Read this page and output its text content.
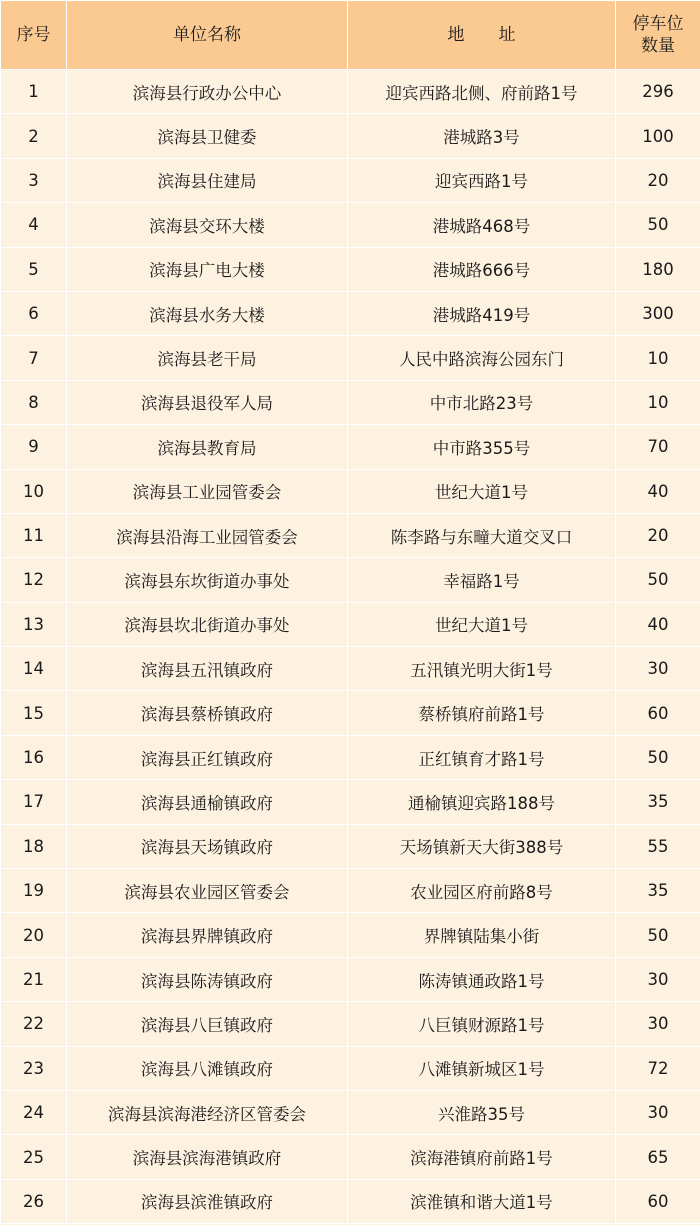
序号	单位名称	地　　址	停车位数量
1	滨海县行政办公中心	迎宾西路北侧、府前路1号	296
2	滨海县卫健委	港城路3号	100
3	滨海县住建局	迎宾西路1号	20
4	滨海县交环大楼	港城路468号	50
5	滨海县广电大楼	港城路666号	180
6	滨海县水务大楼	港城路419号	300
7	滨海县老干局	人民中路滨海公园东门	10
8	滨海县退役军人局	中市北路23号	10
9	滨海县教育局	中市路355号	70
10	滨海县工业园管委会	世纪大道1号	40
11	滨海县沿海工业园管委会	陈李路与东疃大道交叉口	20
12	滨海县东坎街道办事处	幸福路1号	50
13	滨海县坎北街道办事处	世纪大道1号	40
14	滨海县五汛镇政府	五汛镇光明大街1号	30
15	滨海县蔡桥镇政府	蔡桥镇府前路1号	60
16	滨海县正红镇政府	正红镇育才路1号	50
17	滨海县通榆镇政府	通榆镇迎宾路188号	35
18	滨海县天场镇政府	天场镇新天大街388号	55
19	滨海县农业园区管委会	农业园区府前路8号	35
20	滨海县界牌镇政府	界牌镇陆集小街	50
21	滨海县陈涛镇政府	陈涛镇通政路1号	30
22	滨海县八巨镇政府	八巨镇财源路1号	30
23	滨海县八滩镇政府	八滩镇新城区1号	72
24	滨海县滨海港经济区管委会	兴淮路35号	30
25	滨海县滨海港镇政府	滨海港镇府前路1号	65
26	滨海县滨淮镇政府	滨淮镇和谐大道1号	60
